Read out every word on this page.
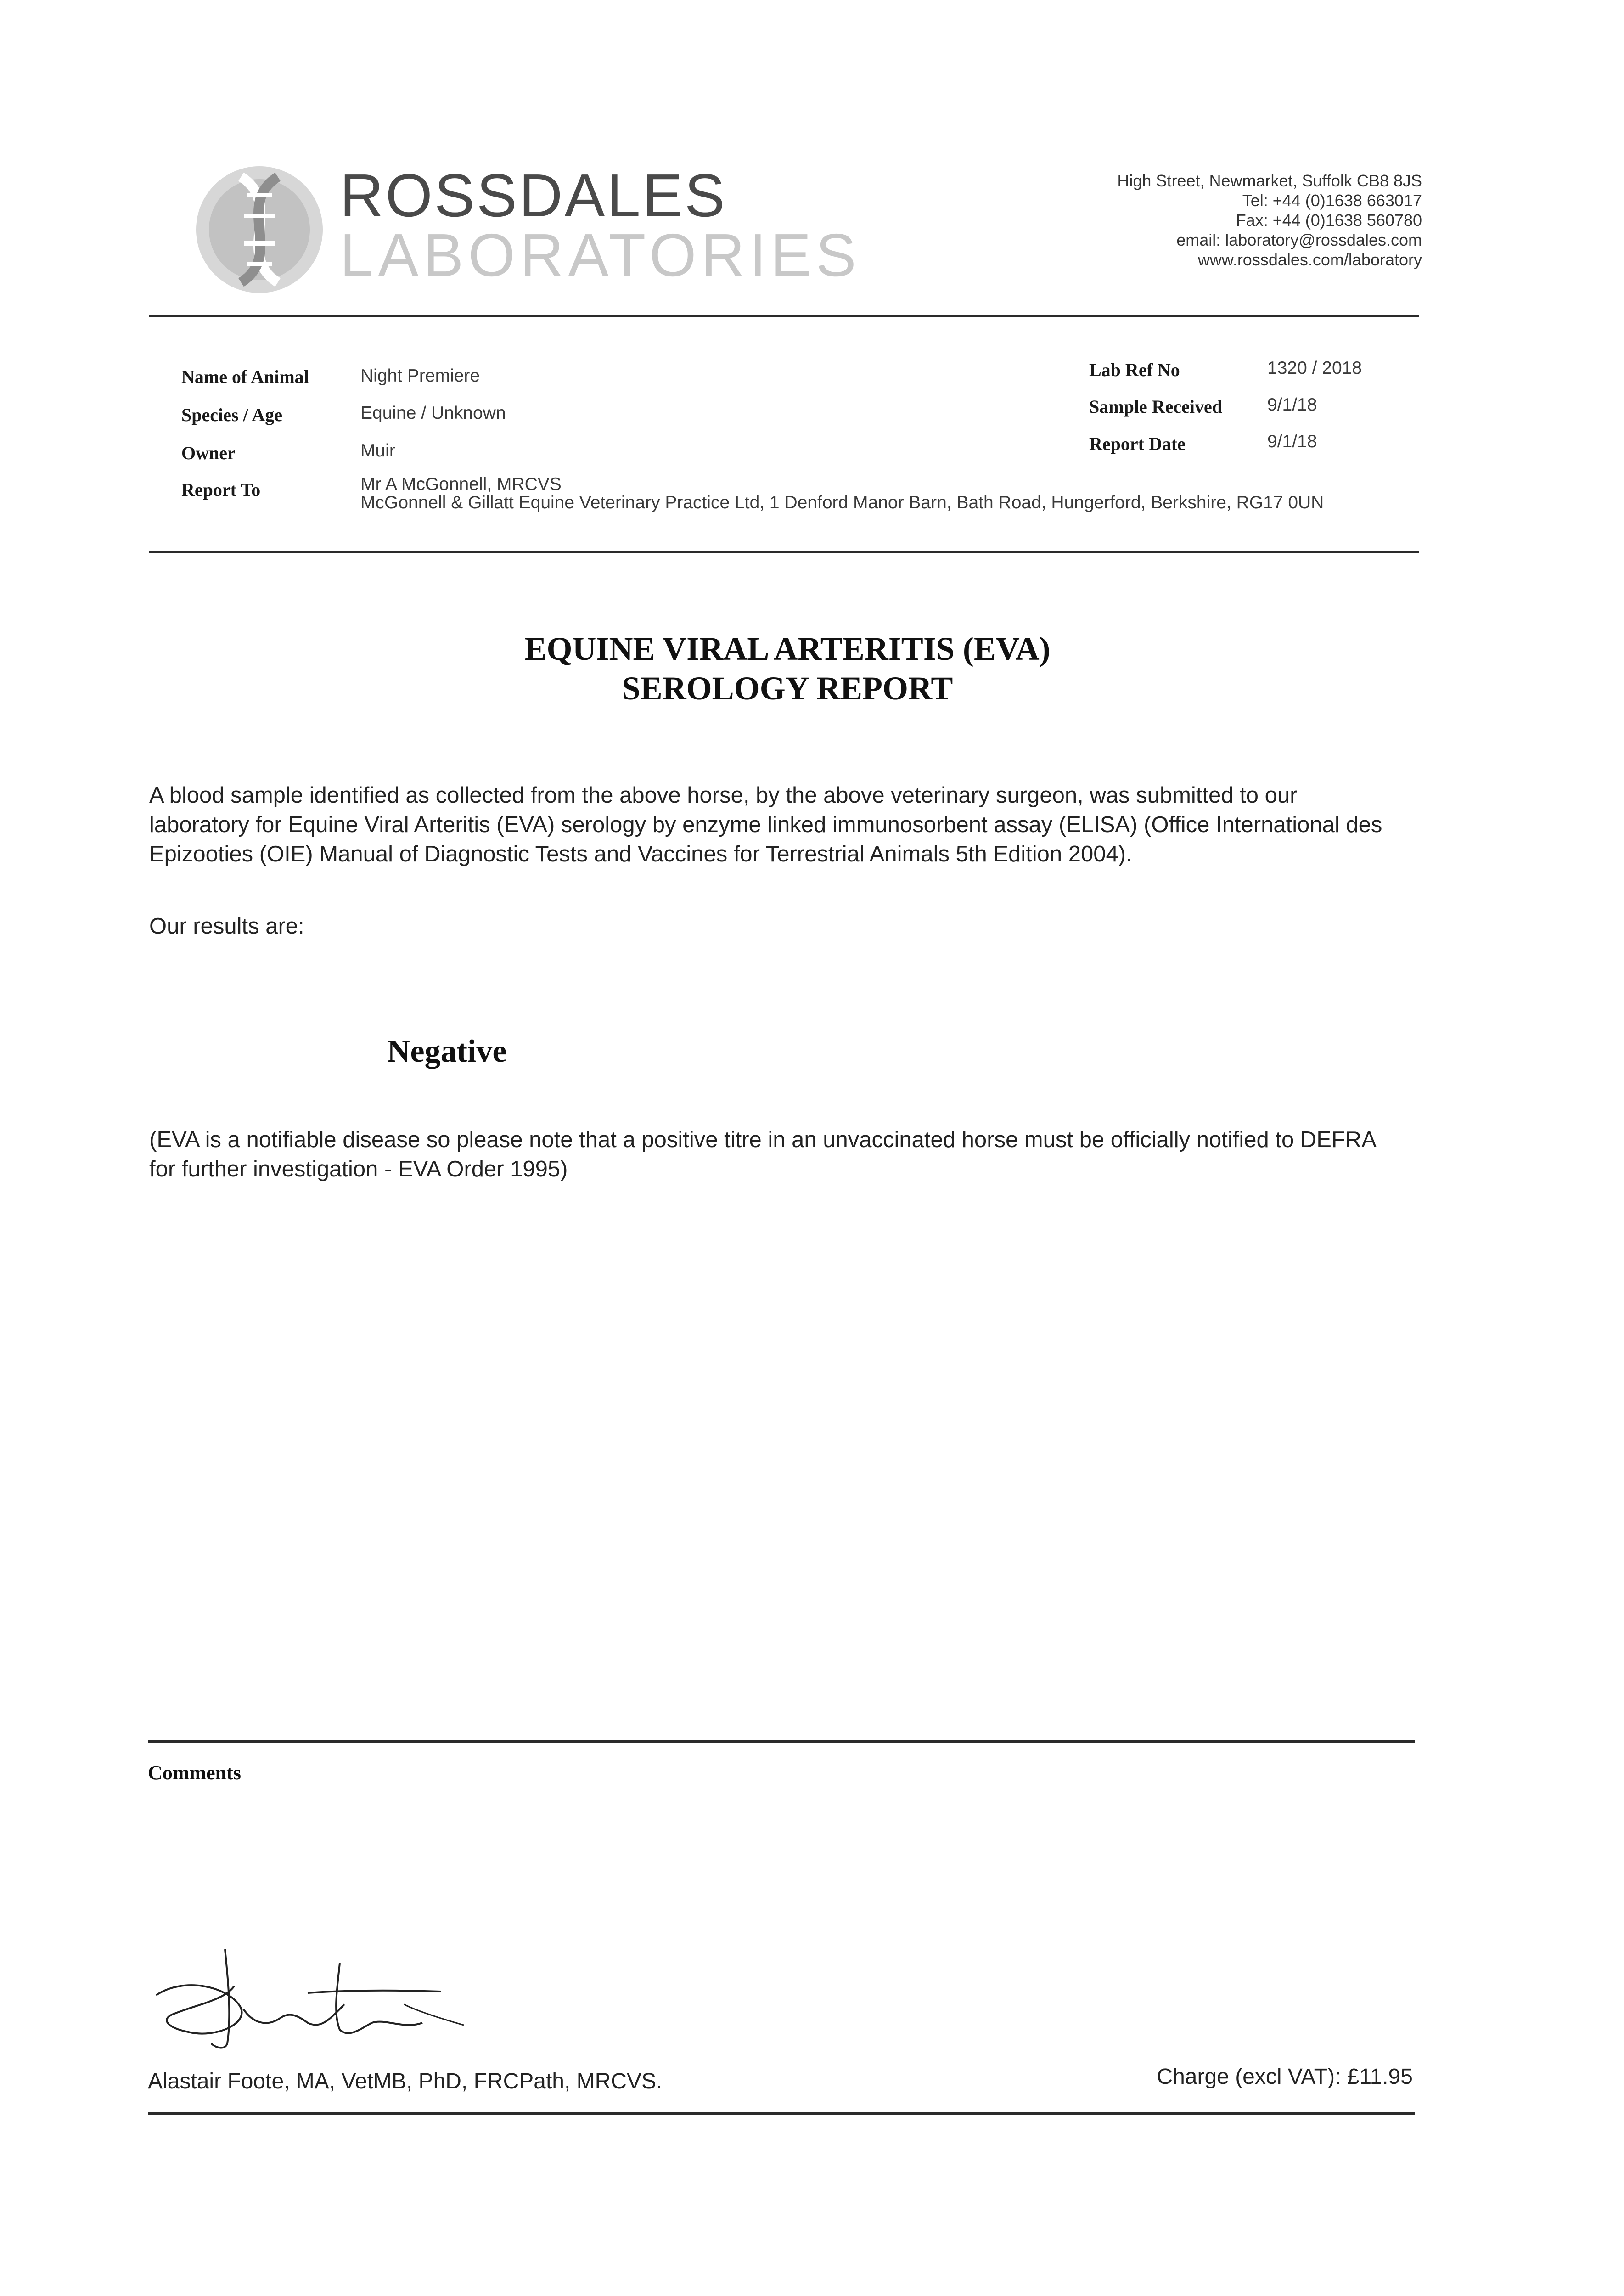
ROSSDALES
LABORATORIES
High Street, Newmarket, Suffolk CB8 8JS
Tel: +44 (0)1638 663017
Fax: +44 (0)1638 560780
email: laboratory@rossdales.com
www.rossdales.com/laboratory
Name of Animal	Night Premiere
Species / Age	Equine / Unknown
Owner	Muir
Report To	Mr A McGonnell, MRCVS
McGonnell & Gillatt Equine Veterinary Practice Ltd, 1 Denford Manor Barn, Bath Road, Hungerford, Berkshire, RG17 0UN
Lab Ref No	1320 / 2018
Sample Received	9/1/18
Report Date	9/1/18
EQUINE VIRAL ARTERITIS (EVA)
SEROLOGY REPORT
A blood sample identified as collected from the above horse, by the above veterinary surgeon, was submitted to our laboratory for Equine Viral Arteritis (EVA) serology by enzyme linked immunosorbent assay (ELISA) (Office International des Epizooties (OIE) Manual of Diagnostic Tests and Vaccines for Terrestrial Animals 5th Edition 2004).
Our results are:
Negative
(EVA is a notifiable disease so please note that a positive titre in an unvaccinated horse must be officially notified to DEFRA for further investigation - EVA Order 1995)
Comments
Alastair Foote, MA, VetMB, PhD, FRCPath, MRCVS.	Charge (excl VAT): £11.95
